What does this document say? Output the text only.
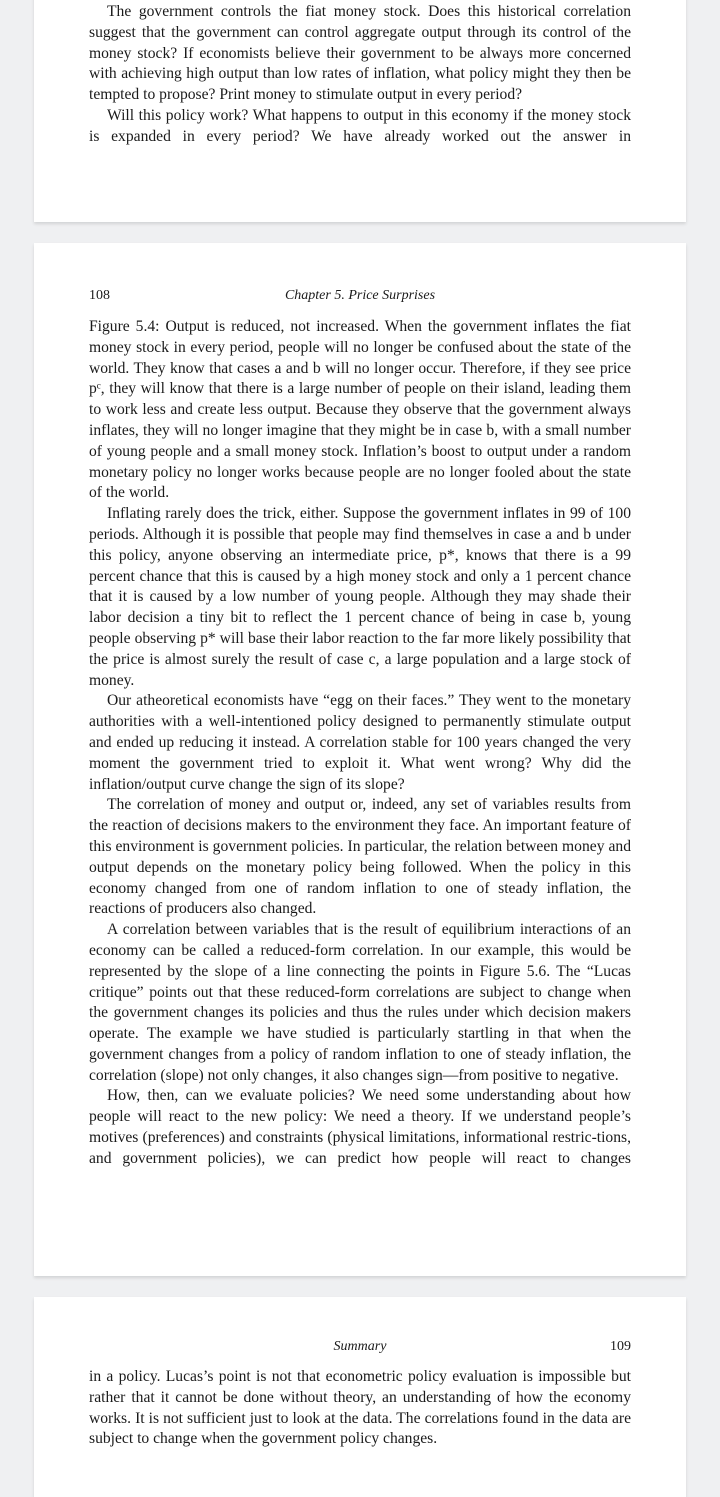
The government controls the fiat money stock. Does this historical correlation suggest that the government can control aggregate output through its control of the money stock? If economists believe their government to be always more concerned with achieving high output than low rates of inflation, what policy might they then be tempted to propose? Print money to stimulate output in every period?

Will this policy work? What happens to output in this economy if the money stock is expanded in every period? We have already worked out the answer in

108	Chapter 5. Price Surprises

Figure 5.4: Output is reduced, not increased. When the government inflates the fiat money stock in every period, people will no longer be confused about the state of the world. They know that cases a and b will no longer occur. Therefore, if they see price pᶜ, they will know that there is a large number of people on their island, leading them to work less and create less output. Because they observe that the government always inflates, they will no longer imagine that they might be in case b, with a small number of young people and a small money stock. Inflation’s boost to output under a random monetary policy no longer works because people are no longer fooled about the state of the world.

Inflating rarely does the trick, either. Suppose the government inflates in 99 of 100 periods. Although it is possible that people may find themselves in case a and b under this policy, anyone observing an intermediate price, p*, knows that there is a 99 percent chance that this is caused by a high money stock and only a 1 percent chance that it is caused by a low number of young people. Although they may shade their labor decision a tiny bit to reflect the 1 percent chance of being in case b, young people observing p* will base their labor reaction to the far more likely possibility that the price is almost surely the result of case c, a large population and a large stock of money.

Our atheoretical economists have “egg on their faces.” They went to the monetary authorities with a well-intentioned policy designed to permanently stimulate output and ended up reducing it instead. A correlation stable for 100 years changed the very moment the government tried to exploit it. What went wrong? Why did the inflation/output curve change the sign of its slope?

The correlation of money and output or, indeed, any set of variables results from the reaction of decisions makers to the environment they face. An important feature of this environment is government policies. In particular, the relation between money and output depends on the monetary policy being followed. When the policy in this economy changed from one of random inflation to one of steady inflation, the reactions of producers also changed.

A correlation between variables that is the result of equilibrium interactions of an economy can be called a reduced-form correlation. In our example, this would be represented by the slope of a line connecting the points in Figure 5.6. The “Lucas critique” points out that these reduced-form correlations are subject to change when the government changes its policies and thus the rules under which decision makers operate. The example we have studied is particularly startling in that when the government changes from a policy of random inflation to one of steady inflation, the correlation (slope) not only changes, it also changes sign—from positive to negative.

How, then, can we evaluate policies? We need some understanding about how people will react to the new policy: We need a theory. If we understand people’s motives (preferences) and constraints (physical limitations, informational restric-tions, and government policies), we can predict how people will react to changes

Summary	109

in a policy. Lucas’s point is not that econometric policy evaluation is impossible but rather that it cannot be done without theory, an understanding of how the economy works. It is not sufficient just to look at the data. The correlations found in the data are subject to change when the government policy changes.
